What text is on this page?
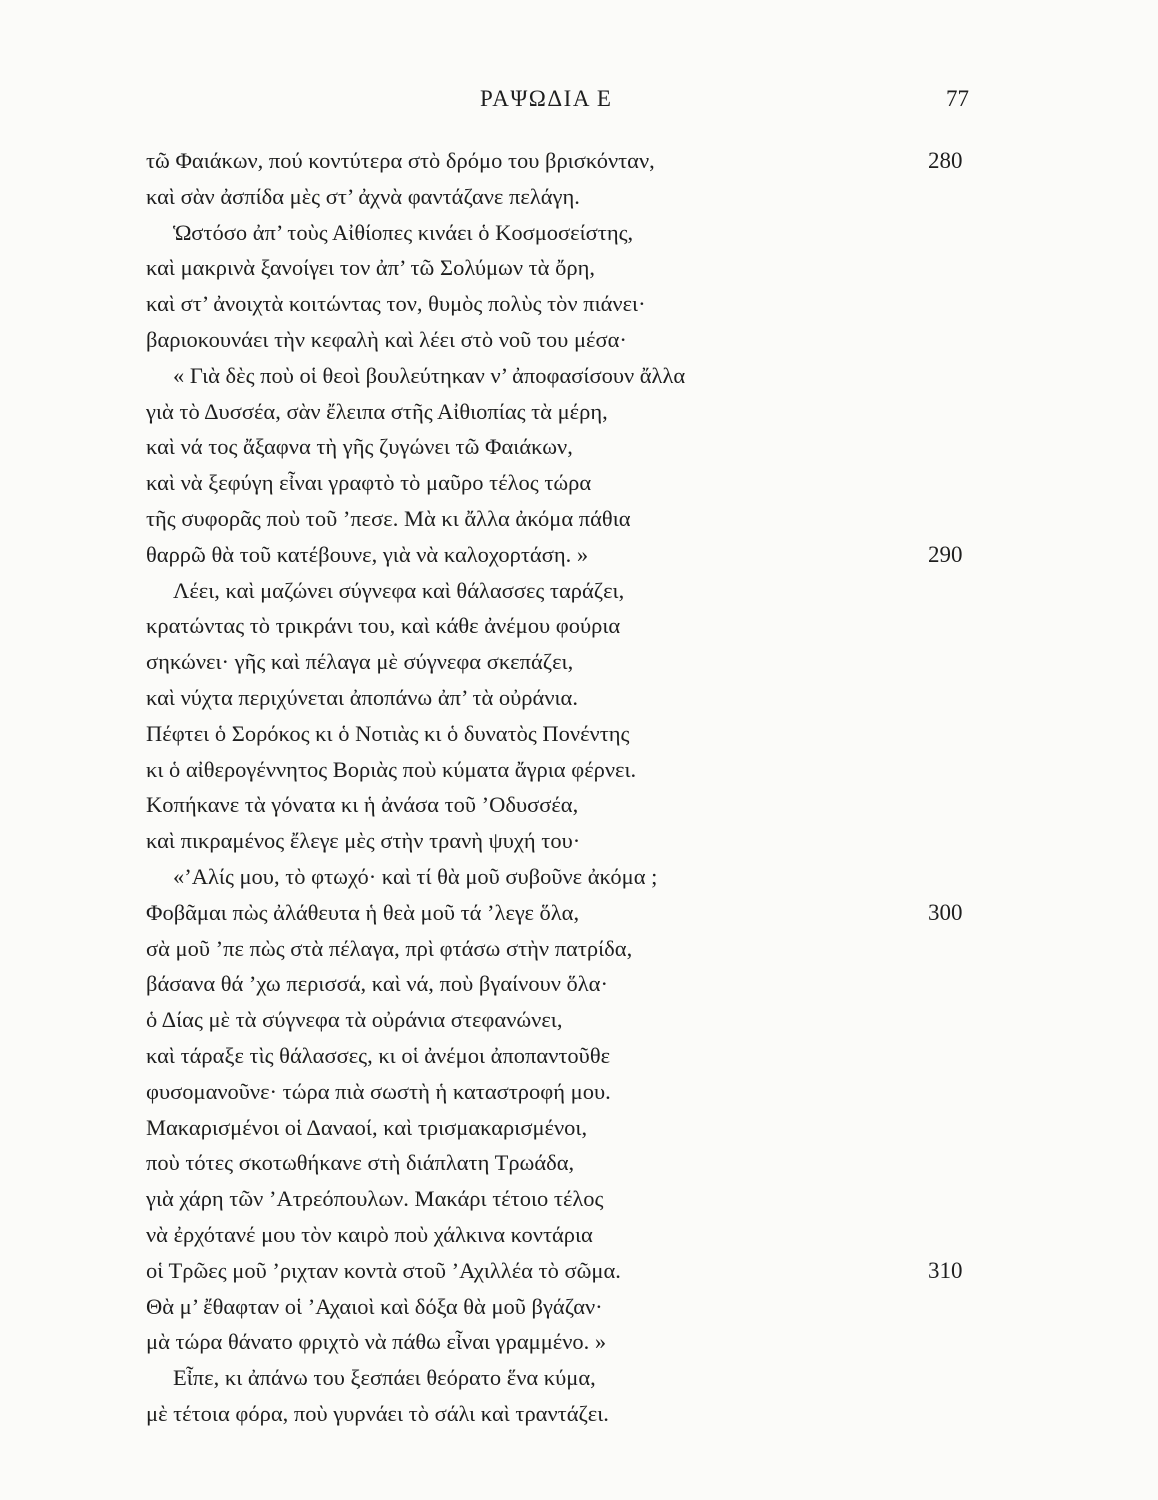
ΡΑΨΩΔΙΑ Ε	77
τῶ Φαιάκων, πού κοντύτερα στὸ δρόμο του βρισκόνταν,	280
καὶ σὰν ἀσπίδα μὲς στ’ ἀχνὰ φαντάζανε πελάγη.
Ὡστόσο ἀπ’ τοὺς Αἰθίοπες κινάει ὁ Κοσμοσείστης,
καὶ μακρινὰ ξανοίγει τον ἀπ’ τῶ Σολύμων τὰ ὄρη,
καὶ στ’ ἀνοιχτὰ κοιτώντας τον, θυμὸς πολὺς τὸν πιάνει·
βαριοκουνάει τὴν κεφαλὴ καὶ λέει στὸ νοῦ του μέσα·
« Γιὰ δὲς ποὺ οἱ θεοὶ βουλεύτηκαν ν’ ἀποφασίσουν ἄλλα
γιὰ τὸ Δυσσέα, σὰν ἔλειπα στῆς Αἰθιοπίας τὰ μέρη,
καὶ νά τος ἄξαφνα τὴ γῆς ζυγώνει τῶ Φαιάκων,
καὶ νὰ ξεφύγη εἶναι γραφτὸ τὸ μαῦρο τέλος τώρα
τῆς συφορᾶς ποὺ τοῦ ’πεσε. Μὰ κι ἄλλα ἀκόμα πάθια
θαρρῶ θὰ τοῦ κατέβουνε, γιὰ νὰ καλοχορτάση. »	290
Λέει, καὶ μαζώνει σύγνεφα καὶ θάλασσες ταράζει,
κρατώντας τὸ τρικράνι του, καὶ κάθε ἀνέμου φούρια
σηκώνει· γῆς καὶ πέλαγα μὲ σύγνεφα σκεπάζει,
καὶ νύχτα περιχύνεται ἀποπάνω ἀπ’ τὰ οὐράνια.
Πέφτει ὁ Σορόκος κι ὁ Νοτιὰς κι ὁ δυνατὸς Πονέντης
κι ὁ αἰθερογέννητος Βοριὰς ποὺ κύματα ἄγρια φέρνει.
Κοπήκανε τὰ γόνατα κι ἡ ἀνάσα τοῦ ’Οδυσσέα,
καὶ πικραμένος ἔλεγε μὲς στὴν τρανὴ ψυχή του·
«’Αλίς μου, τὸ φτωχό· καὶ τί θὰ μοῦ συβοῦνε ἀκόμα ;
Φοβᾶμαι πὼς ἀλάθευτα ἡ θεὰ μοῦ τά ’λεγε ὅλα,	300
σὰ μοῦ ’πε πὼς στὰ πέλαγα, πρὶ φτάσω στὴν πατρίδα,
βάσανα θά ’χω περισσά, καὶ νά, ποὺ βγαίνουν ὅλα·
ὁ Δίας μὲ τὰ σύγνεφα τὰ οὐράνια στεφανώνει,
καὶ τάραξε τὶς θάλασσες, κι οἱ ἀνέμοι ἀποπαντοῦθε
φυσομανοῦνε· τώρα πιὰ σωστὴ ἡ καταστροφή μου.
Μακαρισμένοι οἱ Δαναοί, καὶ τρισμακαρισμένοι,
ποὺ τότες σκοτωθήκανε στὴ διάπλατη Τρωάδα,
γιὰ χάρη τῶν ’Ατρεόπουλων. Μακάρι τέτοιο τέλος
νὰ ἐρχότανέ μου τὸν καιρὸ ποὺ χάλκινα κοντάρια
οἱ Τρῶες μοῦ ’ριχταν κοντὰ στοῦ ’Αχιλλέα τὸ σῶμα.	310
Θὰ μ’ ἔθαφταν οἱ ’Αχαιοὶ καὶ δόξα θὰ μοῦ βγάζαν·
μὰ τώρα θάνατο φριχτὸ νὰ πάθω εἶναι γραμμένο. »
Εἶπε, κι ἀπάνω του ξεσπάει θεόρατο ἕνα κύμα,
μὲ τέτοια φόρα, ποὺ γυρνάει τὸ σάλι καὶ τραντάζει.
